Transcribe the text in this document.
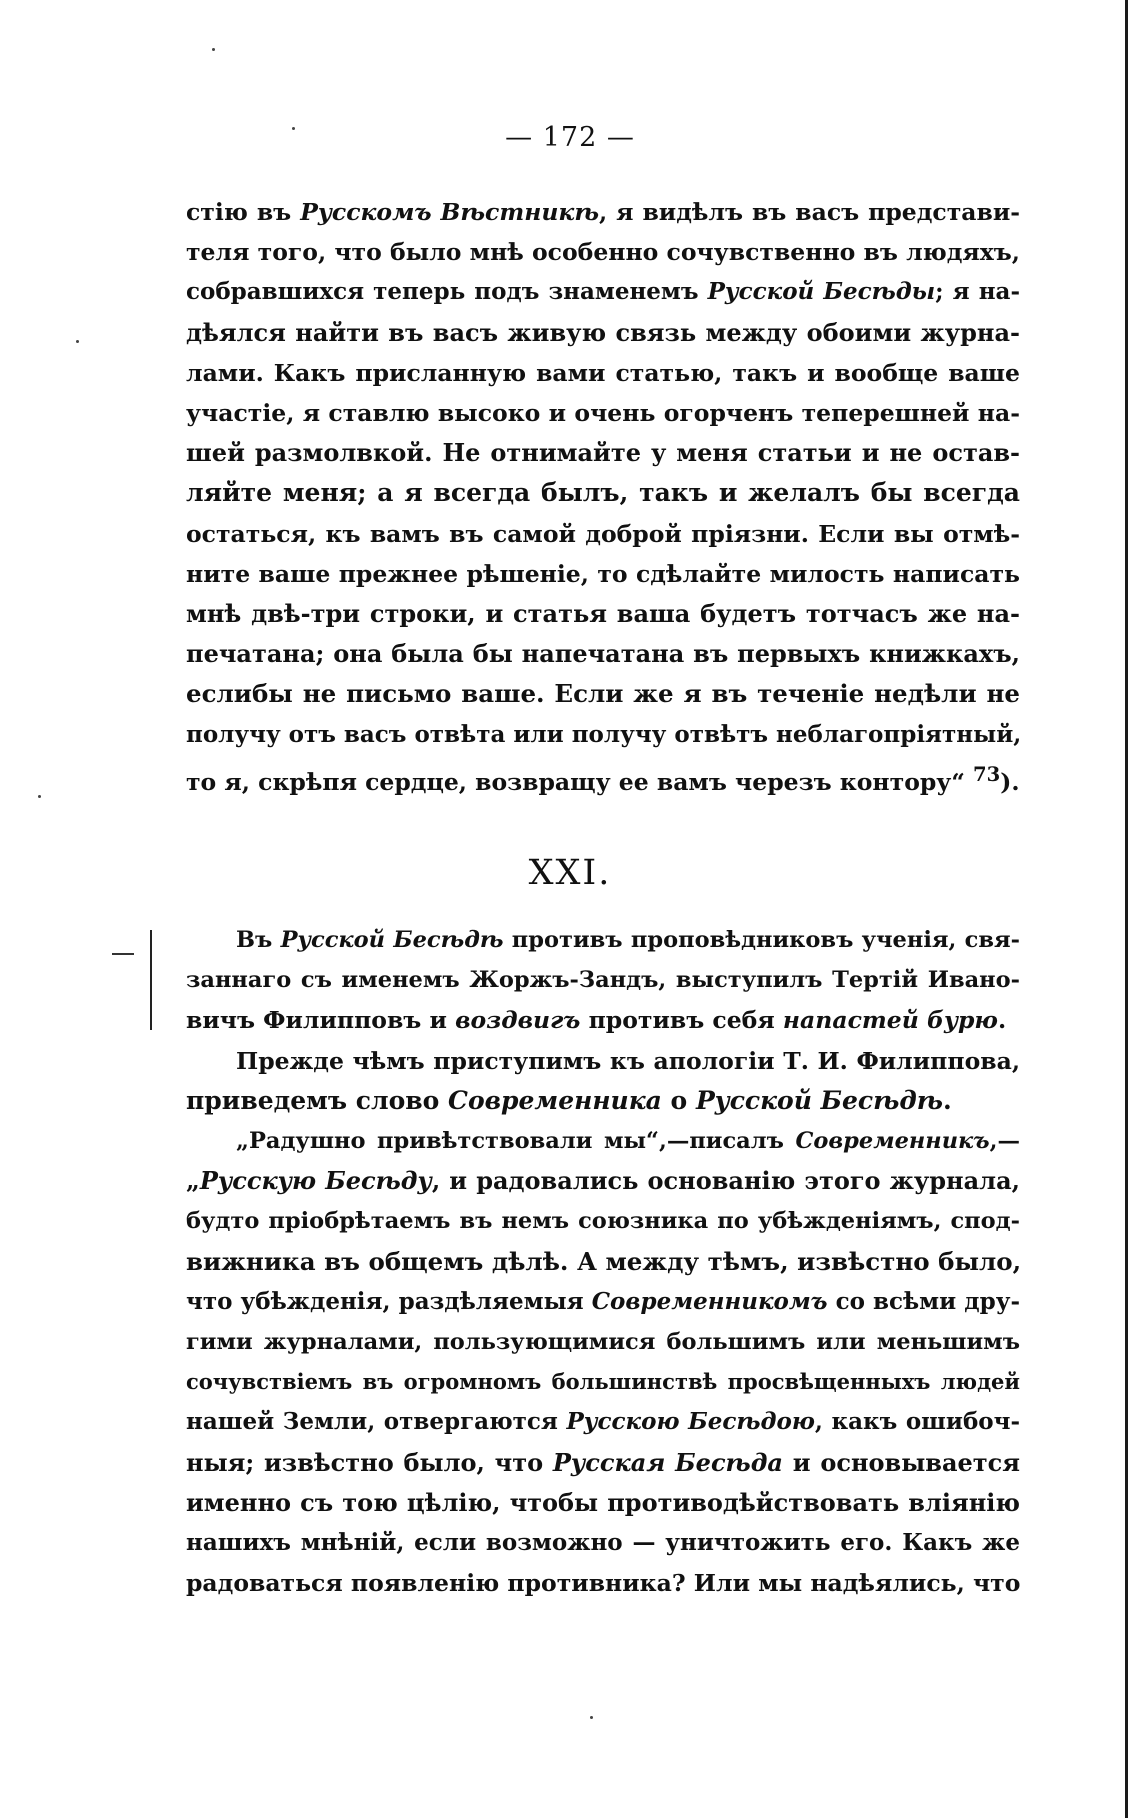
— 172 —
стію въ Русскомъ Вѣстникѣ, я видѣлъ въ васъ представи-
теля того, что было мнѣ особенно сочувственно въ людяхъ,
собравшихся теперь подъ знаменемъ Русской Бесѣды; я на-
дѣялся найти въ васъ живую связь между обоими журна-
лами. Какъ присланную вами статью, такъ и вообще ваше
участіе, я ставлю высоко и очень огорченъ теперешней на-
шей размолвкой. Не отнимайте у меня статьи и не остав-
ляйте меня; а я всегда былъ, такъ и желалъ бы всегда
остаться, къ вамъ въ самой доброй пріязни. Если вы отмѣ-
ните ваше прежнее рѣшеніе, то сдѣлайте милость написать
мнѣ двѣ-три строки, и статья ваша будетъ тотчасъ же на-
печатана; она была бы напечатана въ первыхъ книжкахъ,
еслибы не письмо ваше. Если же я въ теченіе недѣли не
получу отъ васъ отвѣта или получу отвѣтъ неблагопріятный,
то я, скрѣпя сердце, возвращу ее вамъ черезъ контору“ $^{73}$).
XXI.
Въ Русской Бесѣдѣ противъ проповѣдниковъ ученія, свя-
заннаго съ именемъ Жоржъ-Зандъ, выступилъ Тертій Ивано-
вичъ Филипповъ и воздвигъ противъ себя напастей бурю.
Прежде чѣмъ приступимъ къ апологіи Т. И. Филиппова,
приведемъ слово Современника о Русской Бесѣдѣ.
„Радушно привѣтствовали мы“,—писалъ Современникъ,—
„Русскую Бесѣду, и радовались основанію этого журнала,
будто пріобрѣтаемъ въ немъ союзника по убѣжденіямъ, спод-
вижника въ общемъ дѣлѣ. А между тѣмъ, извѣстно было,
что убѣжденія, раздѣляемыя Современникомъ со всѣми дру-
гими журналами, пользующимися большимъ или меньшимъ
сочувствіемъ въ огромномъ большинствѣ просвѣщенныхъ людей
нашей Земли, отвергаются Русскою Бесѣдою, какъ ошибоч-
ныя; извѣстно было, что Русская Бесѣда и основывается
именно съ тою цѣлію, чтобы противодѣйствовать вліянію
нашихъ мнѣній, если возможно — уничтожить его. Какъ же
радоваться появленію противника? Или мы надѣялись, что
